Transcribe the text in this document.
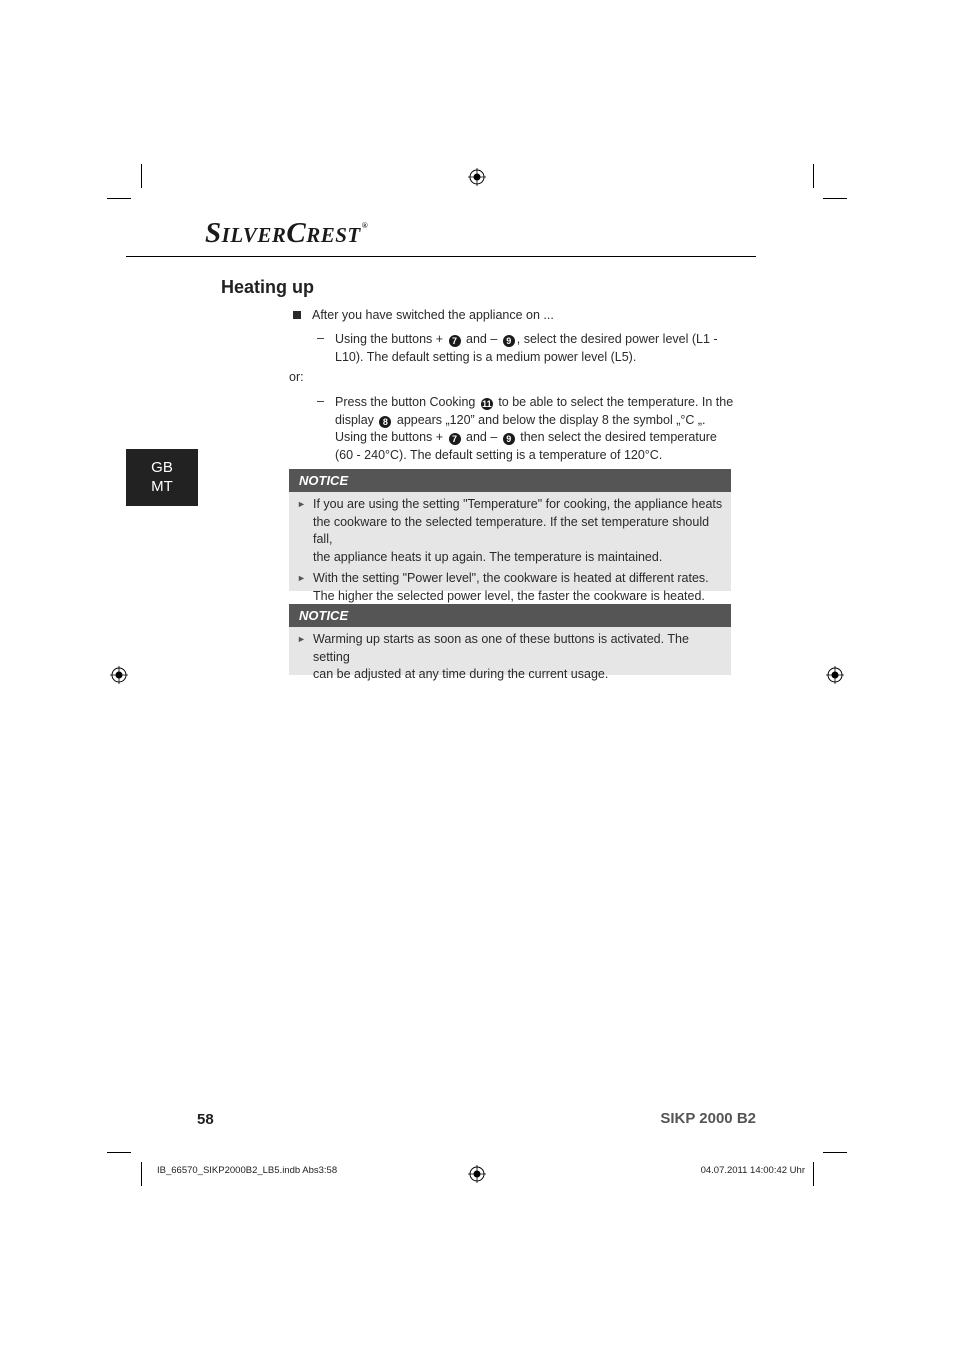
SILVERCREST®
Heating up
After you have switched the appliance on ...
– Using the buttons + 7 and – 9 , select the desired power level (L1 -
L10). The default setting is a medium power level (L5).
or:
– Press the button Cooking 11 to be able to select the temperature. In the
display 8 appears „120” and below the display 8 the symbol „°C „.
Using the buttons + 7 and – 9 then select the desired temperature
(60 - 240°C). The default setting is a temperature of 120°C.
GB
MT	NOTICE
► If you are using the setting "Temperature" for cooking, the appliance heats
the cookware to the selected temperature. If the set temperature should fall,
the appliance heats it up again. The temperature is maintained.
► With the setting "Power level", the cookware is heated at different rates.
The higher the selected power level, the faster the cookware is heated.
NOTICE
► Warming up starts as soon as one of these buttons is activated. The setting
can be adjusted at any time during the current usage.
58	SIKP 2000 B2
IB_66570_SIKP2000B2_LB5.indb Abs3:58	04.07.2011 14:00:42 Uhr
